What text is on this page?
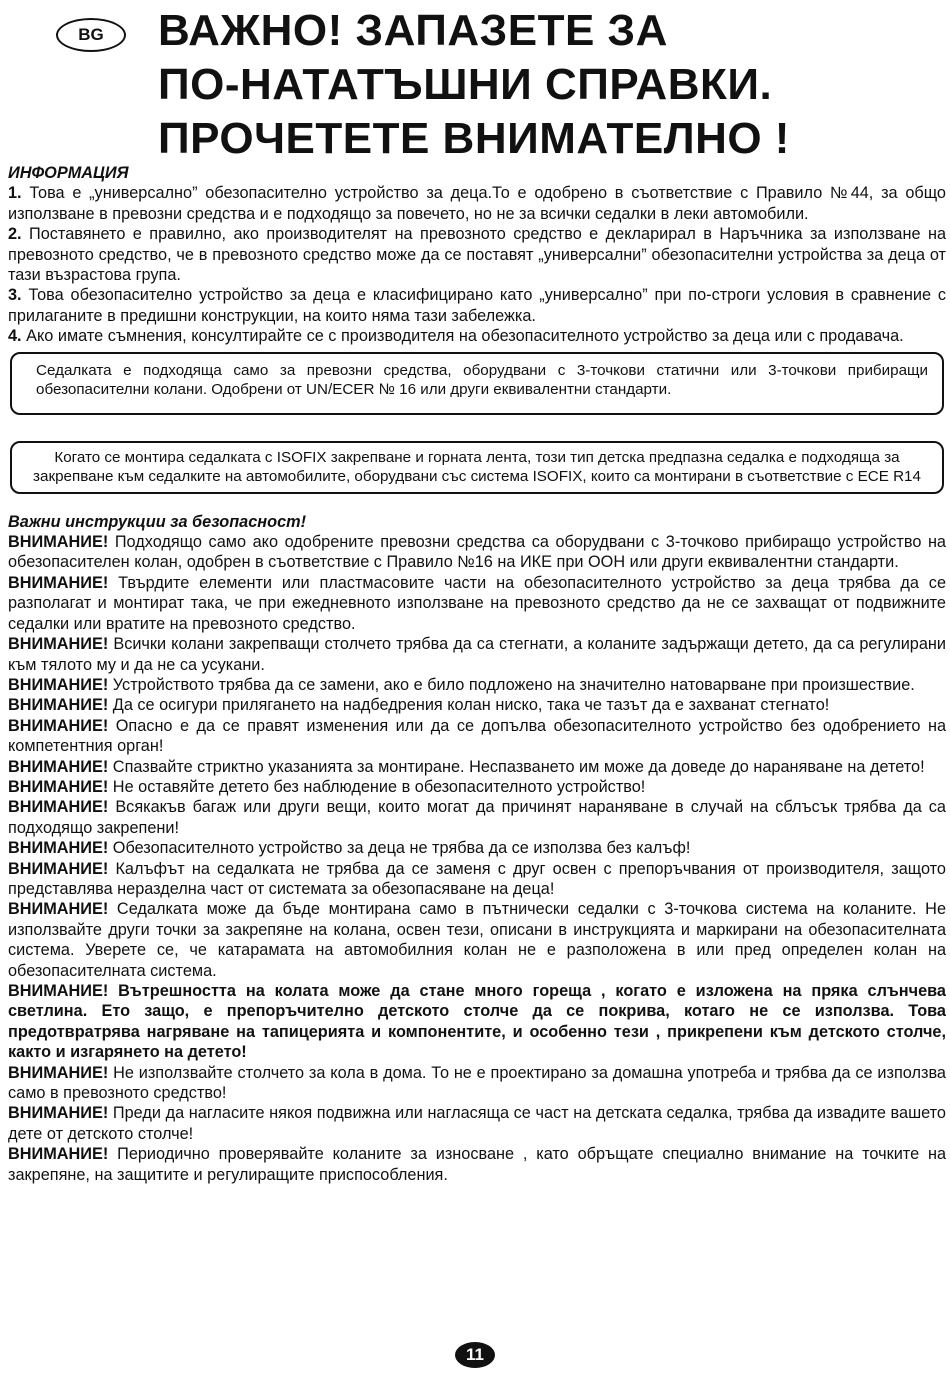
BG	ВАЖНО! ЗАПАЗЕТЕ ЗА
ПО-НАТАТЪШНИ СПРАВКИ.
ПРОЧЕТЕТЕ ВНИМАТЕЛНО !

ИНФОРМАЦИЯ

1. Това е „универсално” обезопасително устройство за деца.То е одобрено в съответствие с Правило №44, за общо използване в превозни средства и е подходящо за повечето, но не за всички седалки в леки автомобили.

2. Поставянето е правилно, ако производителят на превозното средство е декларирал в Наръчника за използване на превозното средство, че в превозното средство може да се поставят „универсални” обезопасителни устройства за деца от тази възрастова група.

3. Това обезопасително устройство за деца е класифицирано като „универсално” при по-строги условия в сравнение с прилаганите в предишни конструкции, на които няма тази забележка.

4. Ако имате съмнения, консултирайте се с производителя на обезопасителното устройство за деца или с продавача.

Седалката е подходяща само за превозни средства, оборудвани с 3-точкови статични или 3-точкови прибиращи обезопасителни колани. Одобрени от UN/ECER № 16 или други еквивалентни стандарти.

Когато се монтира седалката с ISOFIX закрепване и горната лента, този тип детска предпазна седалка е подходяща за закрепване към седалките на автомобилите, оборудвани със система ISOFIX, които са монтирани в съответствие с ECE R14

Важни инструкции за безопасност!

ВНИМАНИЕ! Подходящо само ако одобрените превозни средства са оборудвани с 3-точково прибиращо устройство на обезопасителен колан, одобрен в съответствие с Правило №16 на ИКЕ при ООН или други еквивалентни стандарти.

ВНИМАНИЕ! Твърдите елементи или пластмасовите части на обезопасителното устройство за деца трябва да се разполагат и монтират така, че при ежедневното използване на превозното средство да не се захващат от подвижните седалки или вратите на превозното средство.

ВНИМАНИЕ! Всички колани закрепващи столчето трябва да са стегнати, а коланите задържащи детето, да са регулирани към тялото му и да не са усукани.

ВНИМАНИЕ! Устройството трябва да се замени, ако е било подложено на значително натоварване при произшествие.

ВНИМАНИЕ! Да се осигури прилягането на надбедрения колан ниско, така че тазът да е захванат стегнато!

ВНИМАНИЕ! Опасно е да се правят изменения или да се допълва обезопасителното устройство без одобрението на компетентния орган!

ВНИМАНИЕ! Спазвайте стриктно указанията за монтиране. Неспазването им може да доведе до нараняване на детето!

ВНИМАНИЕ! Не оставяйте детето без наблюдение в обезопасителното устройство!

ВНИМАНИЕ! Всякакъв багаж или други вещи, които могат да причинят нараняване в случай на сблъсък трябва да са подходящо закрепени!

ВНИМАНИЕ! Обезопасителното устройство за деца не трябва да се използва без калъф!

ВНИМАНИЕ! Калъфът на седалката не трябва да се заменя с друг освен с препоръчвания от производителя, защото представлява неразделна част от системата за обезопасяване на деца!

ВНИМАНИЕ! Седалката може да бъде монтирана само в пътнически седалки с 3-точкова система на коланите. Не използвайте други точки за закрепяне на колана, освен тези, описани в инструкцията и маркирани на обезопасителната система. Уверете се, че катарамата на автомобилния колан не е разположена в или пред определен колан на обезопасителната система.

ВНИМАНИЕ! Вътрешността на колата може да стане много гореща , когато е изложена на пряка слънчева светлина. Ето защо, е препоръчително детското столче да се покрива, котаго не се използва. Това предотвратрява нагряване на тапицерията и компонентите, и особенно тези , прикрепени към детското столче, както и изгарянето на детето!

ВНИМАНИЕ! Не използвайте столчето за кола в дома. То не е проектирано за домашна употреба и трябва да се използва само в превозното средство!

ВНИМАНИЕ! Преди да нагласите някоя подвижна или нагласяща се част на детската седалка, трябва да извадите вашето дете от детското столче!

ВНИМАНИЕ! Периодично проверявайте коланите за износване , като обръщате специално внимание на точките на закрепяне, на защитите и регулиращите приспособления.

11
